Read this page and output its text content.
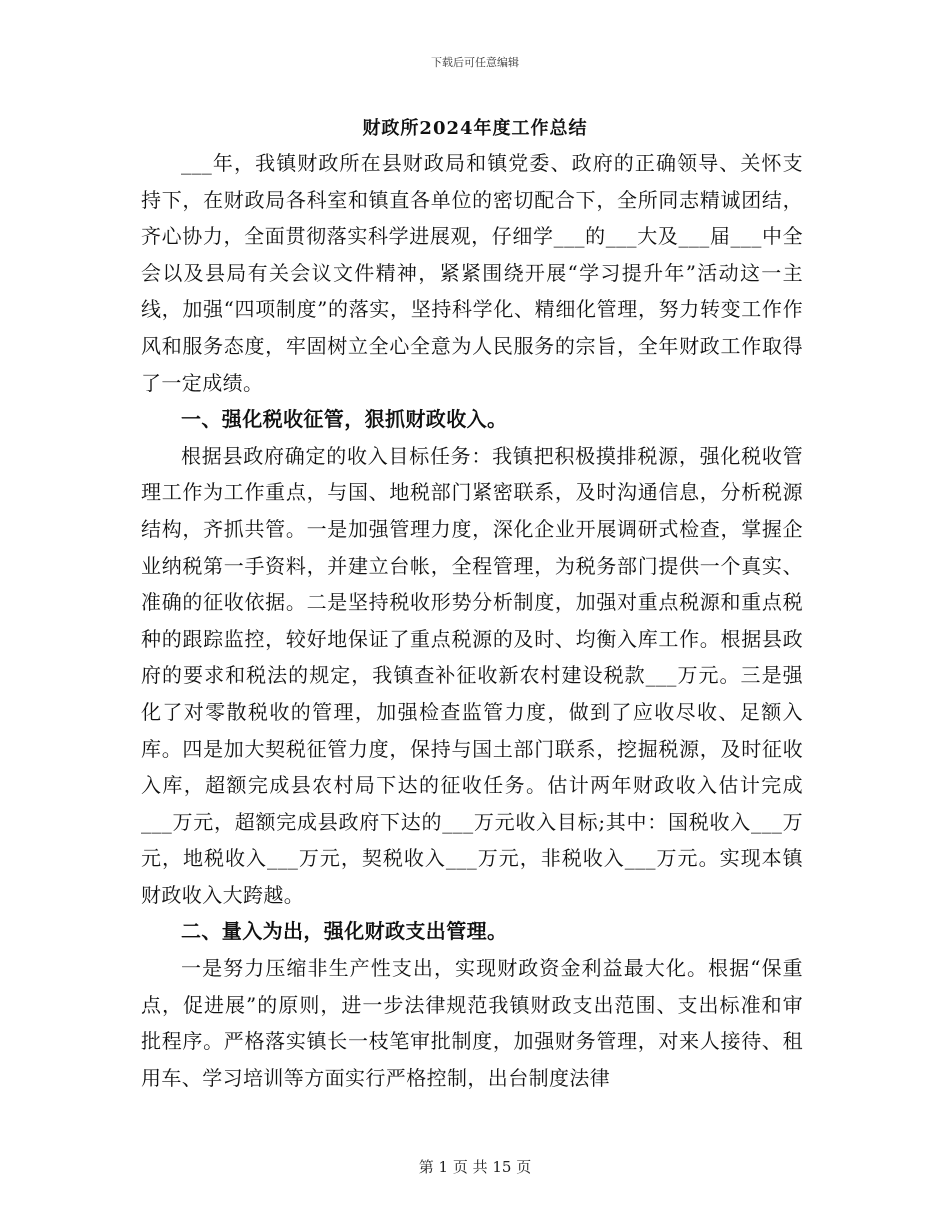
下载后可任意编辑
财政所2024年度工作总结

___年，我镇财政所在县财政局和镇党委、政府的正确领导、关怀支持下，在财政局各科室和镇直各单位的密切配合下，全所同志精诚团结，齐心协力，全面贯彻落实科学进展观，仔细学___的___大及___届___中全会以及县局有关会议文件精神，紧紧围绕开展“学习提升年”活动这一主线，加强“四项制度”的落实，坚持科学化、精细化管理，努力转变工作作风和服务态度，牢固树立全心全意为人民服务的宗旨，全年财政工作取得了一定成绩。

一、强化税收征管，狠抓财政收入。

根据县政府确定的收入目标任务：我镇把积极摸排税源，强化税收管理工作为工作重点，与国、地税部门紧密联系，及时沟通信息，分析税源结构，齐抓共管。一是加强管理力度，深化企业开展调研式检查，掌握企业纳税第一手资料，并建立台帐，全程管理，为税务部门提供一个真实、准确的征收依据。二是坚持税收形势分析制度，加强对重点税源和重点税种的跟踪监控，较好地保证了重点税源的及时、均衡入库工作。根据县政府的要求和税法的规定，我镇查补征收新农村建设税款___万元。三是强化了对零散税收的管理，加强检查监管力度，做到了应收尽收、足额入库。四是加大契税征管力度，保持与国土部门联系，挖掘税源，及时征收入库，超额完成县农村局下达的征收任务。估计两年财政收入估计完成___万元，超额完成县政府下达的___万元收入目标;其中：国税收入___万元，地税收入___万元，契税收入___万元，非税收入___万元。实现本镇财政收入大跨越。

二、量入为出，强化财政支出管理。

一是努力压缩非生产性支出，实现财政资金利益最大化。根据“保重点，促进展”的原则，进一步法律规范我镇财政支出范围、支出标准和审批程序。严格落实镇长一枝笔审批制度，加强财务管理，对来人接待、租用车、学习培训等方面实行严格控制，出台制度法律

第 1 页 共 15 页
